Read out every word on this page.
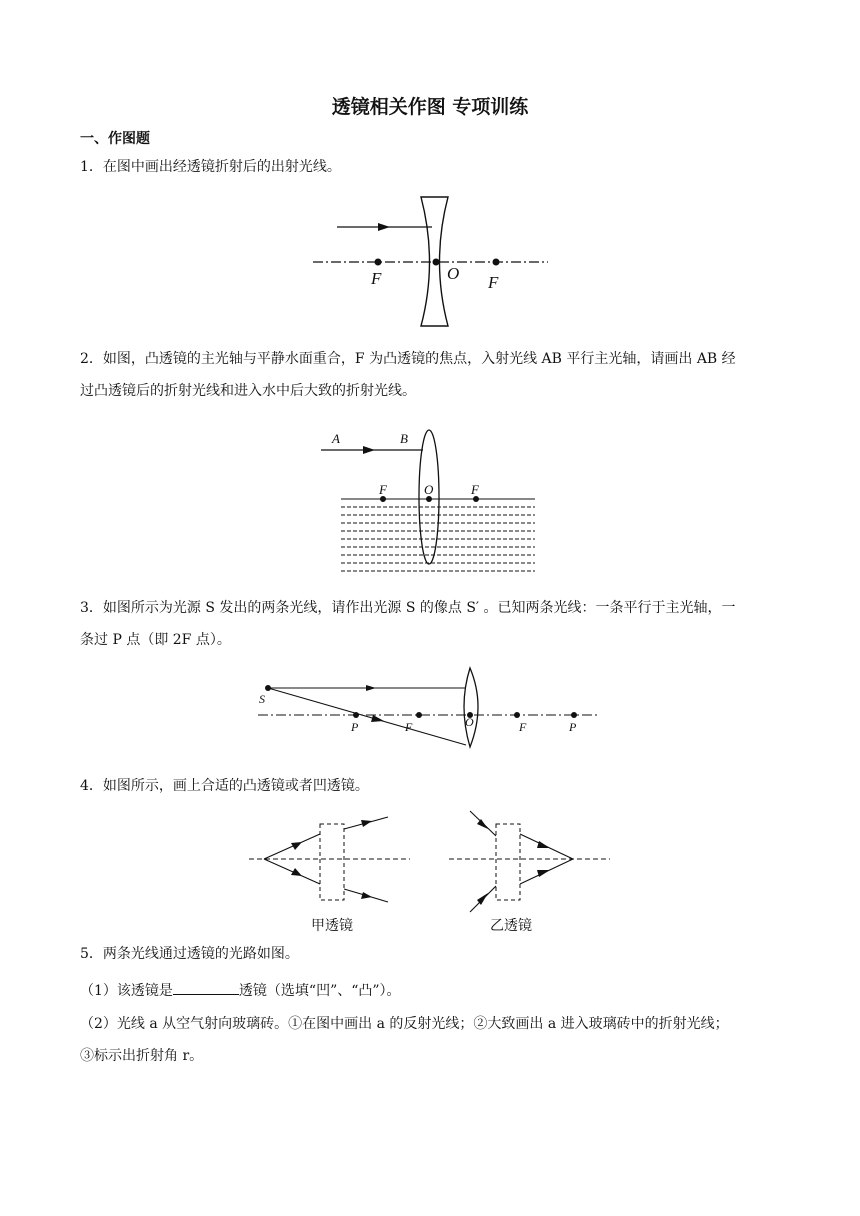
透镜相关作图 专项训练
一、作图题
1．在图中画出经透镜折射后的出射光线。
F	O F
2．如图，凸透镜的主光轴与平静水面重合，F 为凸透镜的焦点，入射光线 AB 平行主光轴，请画出 AB 经
过凸透镜后的折射光线和进入水中后大致的折射光线。
A	B
F	O	F
3．如图所示为光源 S 发出的两条光线，请作出光源 S 的像点 S′ 。已知两条光线：一条平行于主光轴，一
条过 P 点（即 2F 点）。
S
P	F	O	F	P
4．如图所示，画上合适的凸透镜或者凹透镜。
甲透镜	乙透镜
5．两条光线通过透镜的光路如图。
（1）该透镜是	透镜（选填“凹”、“凸”）。
（2）光线 a 从空气射向玻璃砖。①在图中画出 a 的反射光线；②大致画出 a 进入玻璃砖中的折射光线；
③标示出折射角 r。
